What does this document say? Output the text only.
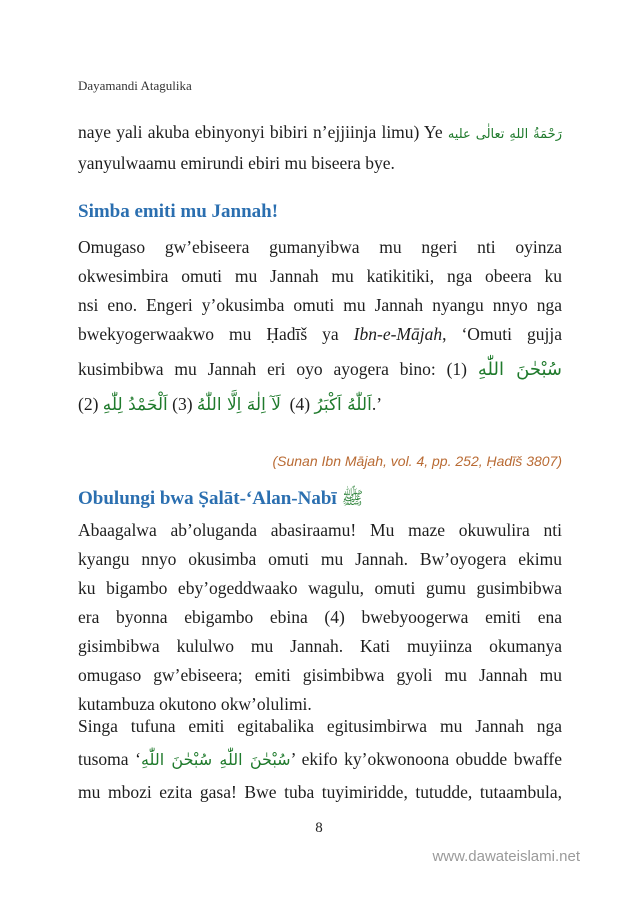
Dayamandi Atagulika
naye yali akuba ebinyonyi bibiri n’ejjiinja limu) Ye رَحْمَةُ اللهِ تعالٰى عليه
yanyulwaamu emirundi ebiri mu biseera bye.
Simba emiti mu Jannah!
Omugaso gw’ebiseera gumanyibwa mu ngeri nti oyinza
okwesimbira omuti mu Jannah mu katikitiki, nga obeera ku
nsi eno. Engeri y’okusimba omuti mu Jannah nyangu nnyo nga
bwekyogerwaakwo mu Ḥadīš ya Ibn-e-Mājah, ‘Omuti gujja
kusimbibwa mu Jannah eri oyo ayogera bino: (1) سُبْحٰنَ اللّٰهِ
(2) اَلْحَمْدُ لِلّٰهِ (3) لَآ اِلٰهَ اِلَّا اللّٰهُ (4) اَللّٰهُ اَكْبَرُ.’
(Sunan Ibn Mājah, vol. 4, pp. 252, Ḥadīš 3807)
Obulungi bwa Ṣalāt-‘Alan-Nabī ﷺ
Abaagalwa ab’oluganda abasiraamu! Mu maze okuwulira nti
kyangu nnyo okusimba omuti mu Jannah. Bw’oyogera ekimu
ku bigambo eby’ogeddwaako wagulu, omuti gumu gusimbibwa
era byonna ebigambo ebina (4) bwebyoogerwa emiti ena
gisimbibwa kululwo mu Jannah. Kati muyiinza okumanya
omugaso gw’ebiseera; emiti gisimbibwa gyoli mu Jannah mu
kutambuza okutono okw’olulimi.
Singa tufuna emiti egitabalika egitusimbirwa mu Jannah nga
tusoma ‘سُبْحٰنَ اللّٰهِ سُبْحٰنَ اللّٰهِ’ ekifo ky’okwonoona obudde bwaffe
mu mbozi ezita gasa! Bwe tuba tuyimiridde, tutudde, tutaambula,
8
www.dawateislami.net
